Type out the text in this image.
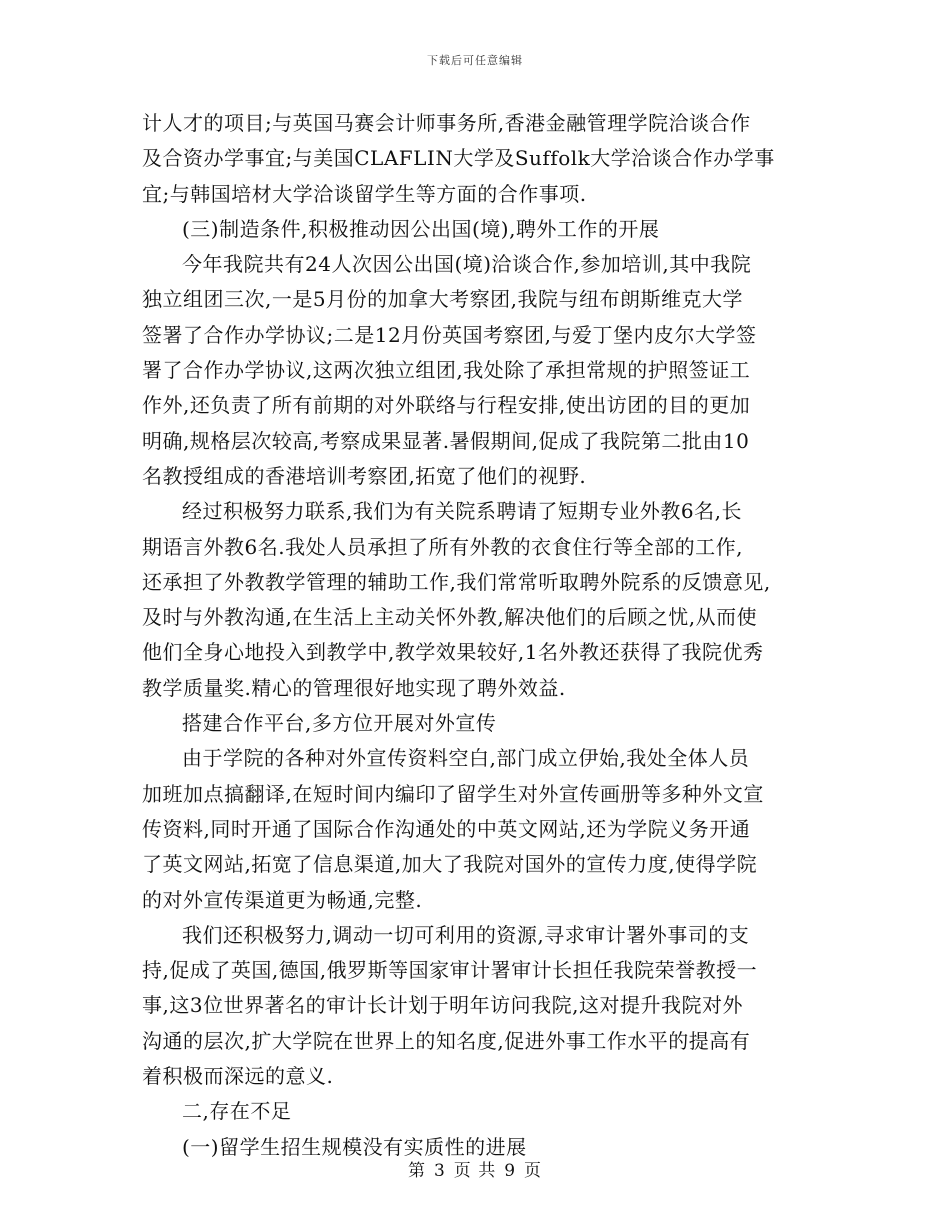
下载后可任意编辑

计人才的项目;与英国马赛会计师事务所,香港金融管理学院洽谈合作
及合资办学事宜;与美国CLAFLIN大学及Suffolk大学洽谈合作办学事
宜;与韩国培材大学洽谈留学生等方面的合作事项.

(三)制造条件,积极推动因公出国(境),聘外工作的开展

今年我院共有24人次因公出国(境)洽谈合作,参加培训,其中我院
独立组团三次,一是5月份的加拿大考察团,我院与纽布朗斯维克大学
签署了合作办学协议;二是12月份英国考察团,与爱丁堡内皮尔大学签
署了合作办学协议,这两次独立组团,我处除了承担常规的护照签证工
作外,还负责了所有前期的对外联络与行程安排,使出访团的目的更加
明确,规格层次较高,考察成果显著.暑假期间,促成了我院第二批由10
名教授组成的香港培训考察团,拓宽了他们的视野.

经过积极努力联系,我们为有关院系聘请了短期专业外教6名,长
期语言外教6名.我处人员承担了所有外教的衣食住行等全部的工作,
还承担了外教教学管理的辅助工作,我们常常听取聘外院系的反馈意见,
及时与外教沟通,在生活上主动关怀外教,解决他们的后顾之忧,从而使
他们全身心地投入到教学中,教学效果较好,1名外教还获得了我院优秀
教学质量奖.精心的管理很好地实现了聘外效益.

搭建合作平台,多方位开展对外宣传

由于学院的各种对外宣传资料空白,部门成立伊始,我处全体人员
加班加点搞翻译,在短时间内编印了留学生对外宣传画册等多种外文宣
传资料,同时开通了国际合作沟通处的中英文网站,还为学院义务开通
了英文网站,拓宽了信息渠道,加大了我院对国外的宣传力度,使得学院
的对外宣传渠道更为畅通,完整.

我们还积极努力,调动一切可利用的资源,寻求审计署外事司的支
持,促成了英国,德国,俄罗斯等国家审计署审计长担任我院荣誉教授一
事,这3位世界著名的审计长计划于明年访问我院,这对提升我院对外
沟通的层次,扩大学院在世界上的知名度,促进外事工作水平的提高有
着积极而深远的意义.

二,存在不足

(一)留学生招生规模没有实质性的进展

第 3 页 共 9 页
